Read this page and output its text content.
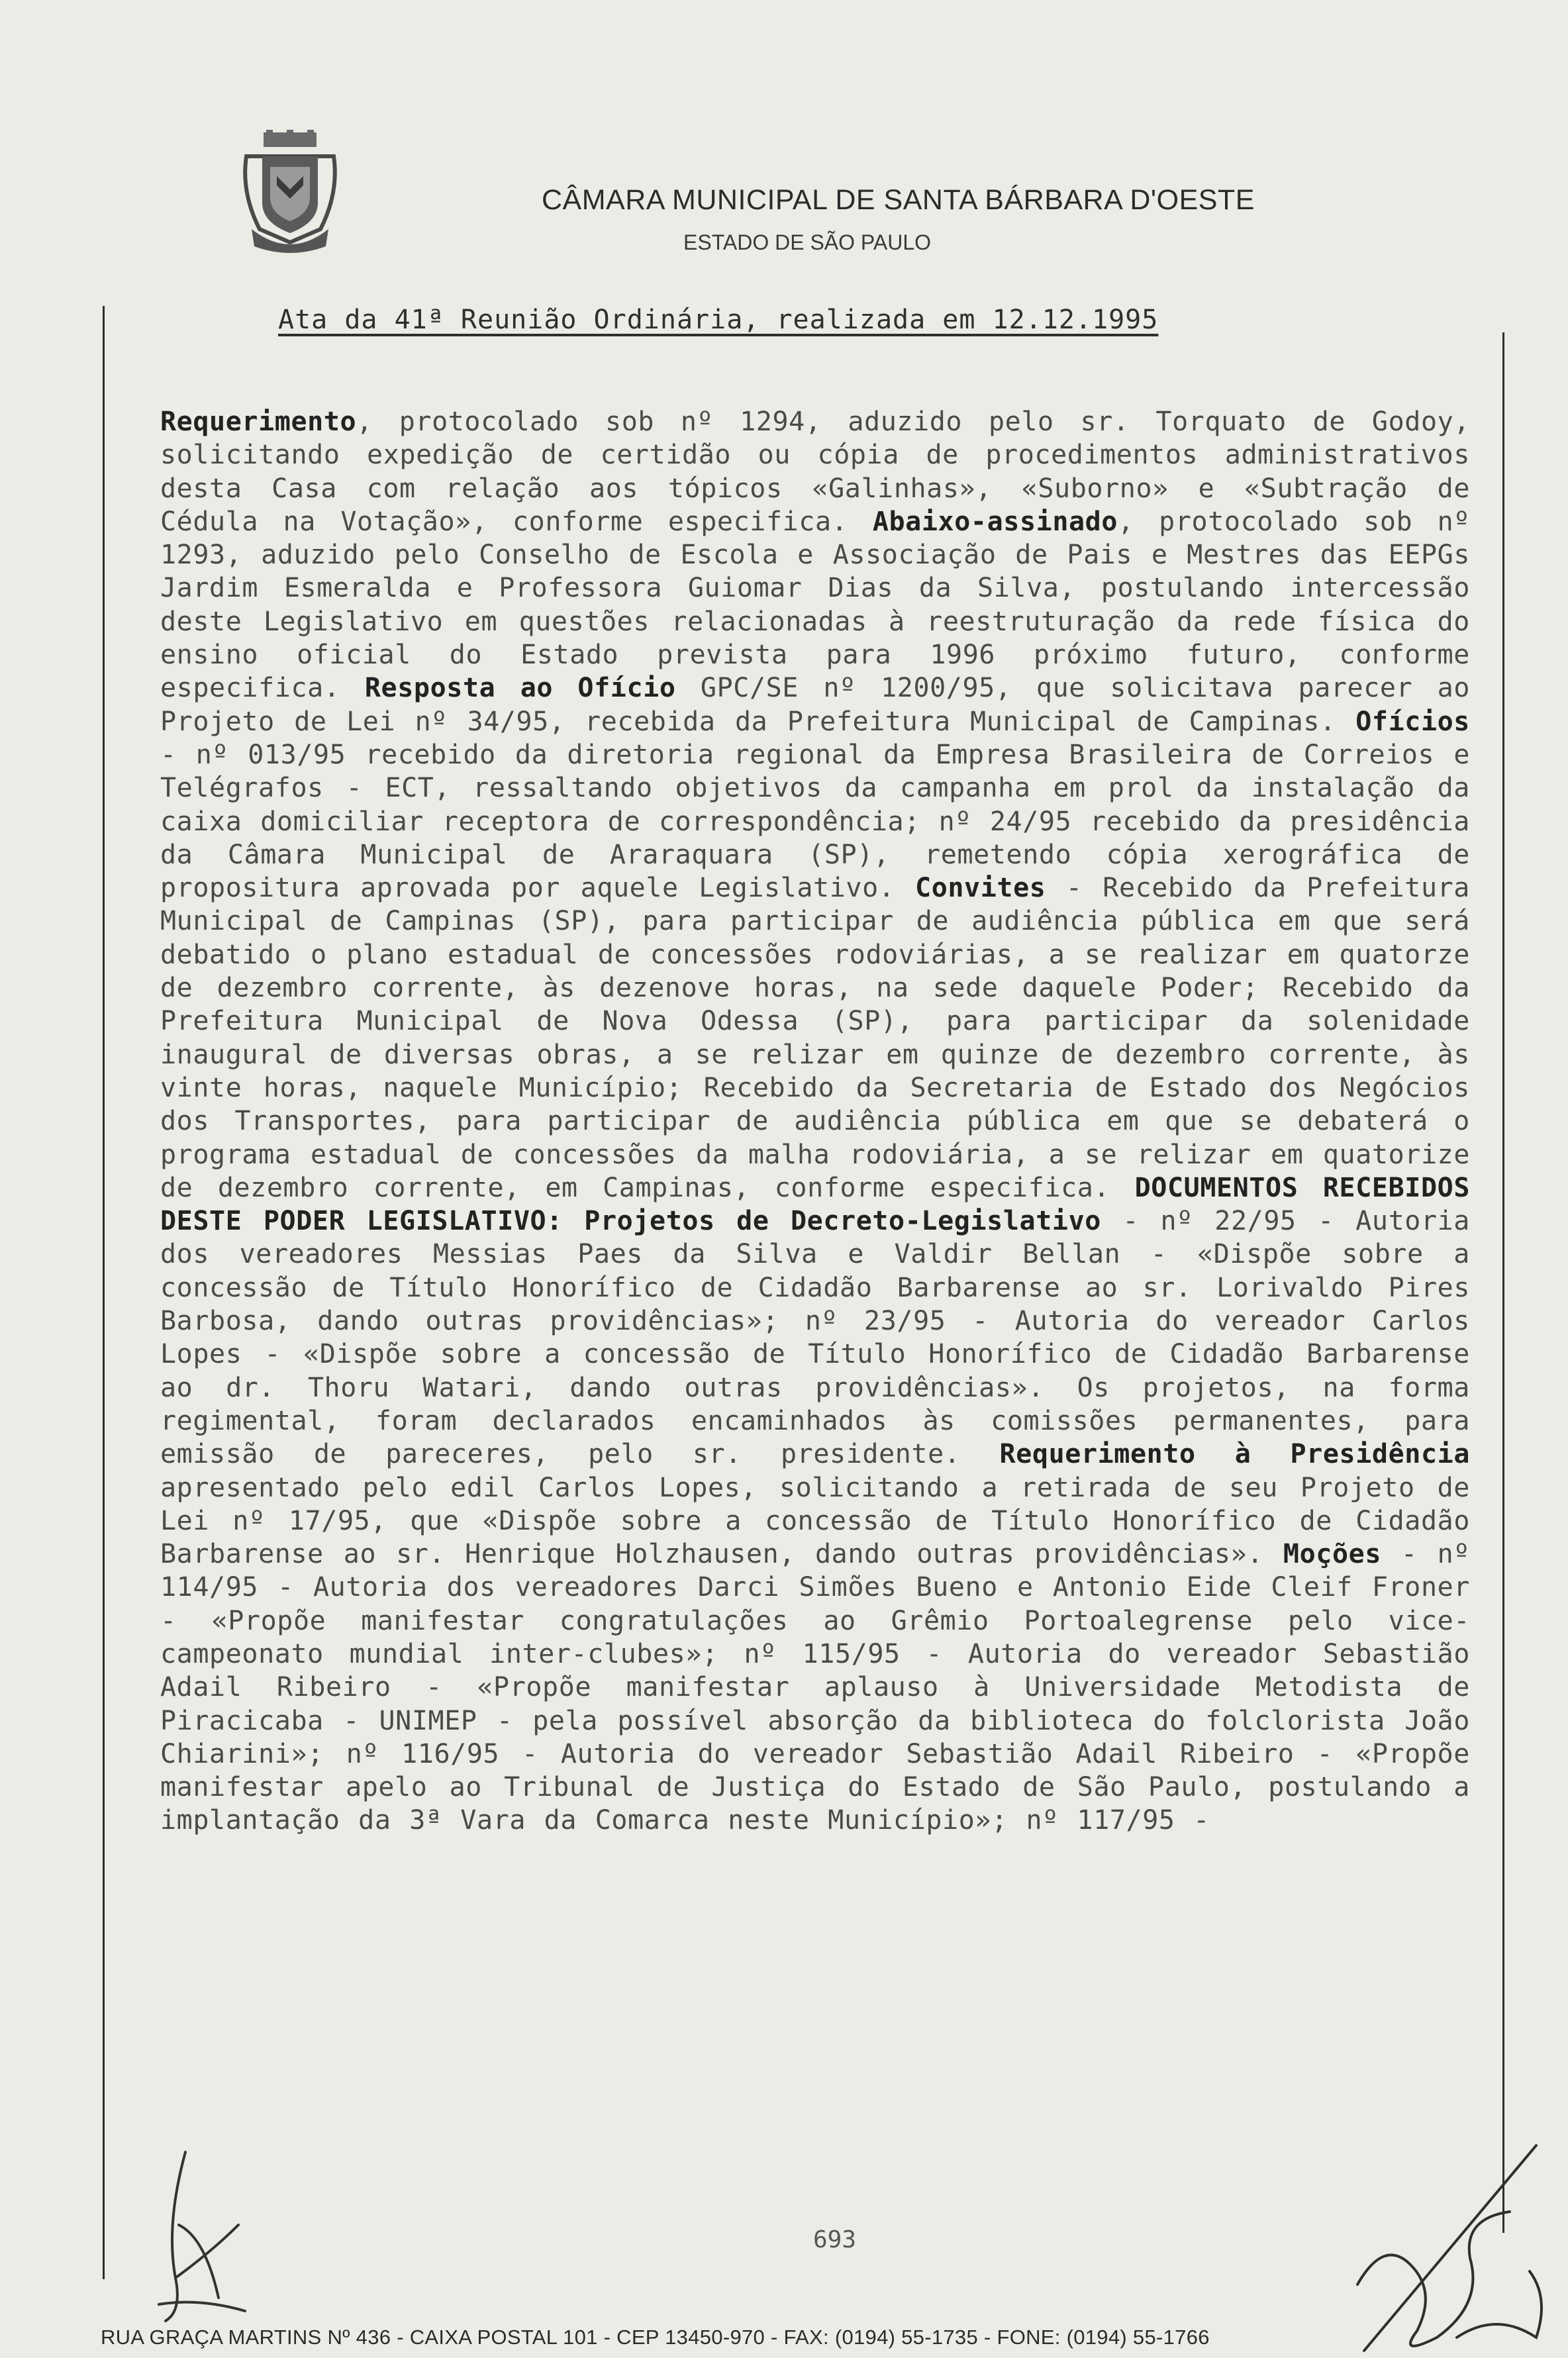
CÂMARA MUNICIPAL DE SANTA BÁRBARA D'OESTE

ESTADO DE SÃO PAULO

Ata da 41ª Reunião Ordinária, realizada em 12.12.1995

Requerimento, protocolado sob nº 1294, aduzido pelo sr. Torquato de Godoy, solicitando expedição de certidão ou cópia de procedimentos administrativos desta Casa com relação aos tópicos «Galinhas», «Suborno» e «Subtração de Cédula na Votação», conforme especifica. Abaixo-assinado, protocolado sob nº 1293, aduzido pelo Conselho de Escola e Associação de Pais e Mestres das EEPGs Jardim Esmeralda e Professora Guiomar Dias da Silva, postulando intercessão deste Legislativo em questões relacionadas à reestruturação da rede física do ensino oficial do Estado prevista para 1996 próximo futuro, conforme especifica. Resposta ao Ofício GPC/SE nº 1200/95, que solicitava parecer ao Projeto de Lei nº 34/95, recebida da Prefeitura Municipal de Campinas. Ofícios - nº 013/95 recebido da diretoria regional da Empresa Brasileira de Correios e Telégrafos - ECT, ressaltando objetivos da campanha em prol da instalação da caixa domiciliar receptora de correspondência; nº 24/95 recebido da presidência da Câmara Municipal de Araraquara (SP), remetendo cópia xerográfica de propositura aprovada por aquele Legislativo. Convites - Recebido da Prefeitura Municipal de Campinas (SP), para participar de audiência pública em que será debatido o plano estadual de concessões rodoviárias, a se realizar em quatorze de dezembro corrente, às dezenove horas, na sede daquele Poder; Recebido da Prefeitura Municipal de Nova Odessa (SP), para participar da solenidade inaugural de diversas obras, a se relizar em quinze de dezembro corrente, às vinte horas, naquele Município; Recebido da Secretaria de Estado dos Negócios dos Transportes, para participar de audiência pública em que se debaterá o programa estadual de concessões da malha rodoviária, a se relizar em quatorize de dezembro corrente, em Campinas, conforme especifica. DOCUMENTOS RECEBIDOS DESTE PODER LEGISLATIVO: Projetos de Decreto-Legislativo - nº 22/95 - Autoria dos vereadores Messias Paes da Silva e Valdir Bellan - «Dispõe sobre a concessão de Título Honorífico de Cidadão Barbarense ao sr. Lorivaldo Pires Barbosa, dando outras providências»; nº 23/95 - Autoria do vereador Carlos Lopes - «Dispõe sobre a concessão de Título Honorífico de Cidadão Barbarense ao dr. Thoru Watari, dando outras providências». Os projetos, na forma regimental, foram declarados encaminhados às comissões permanentes, para emissão de pareceres, pelo sr. presidente. Requerimento à Presidência apresentado pelo edil Carlos Lopes, solicitando a retirada de seu Projeto de Lei nº 17/95, que «Dispõe sobre a concessão de Título Honorífico de Cidadão Barbarense ao sr. Henrique Holzhausen, dando outras providências». Moções - nº 114/95 - Autoria dos vereadores Darci Simões Bueno e Antonio Eide Cleif Froner - «Propõe manifestar congratulações ao Grêmio Portoalegrense pelo vice-campeonato mundial inter-clubes»; nº 115/95 - Autoria do vereador Sebastião Adail Ribeiro - «Propõe manifestar aplauso à Universidade Metodista de Piracicaba - UNIMEP - pela possível absorção da biblioteca do folclorista João Chiarini»; nº 116/95 - Autoria do vereador Sebastião Adail Ribeiro - «Propõe manifestar apelo ao Tribunal de Justiça do Estado de São Paulo, postulando a implantação da 3ª Vara da Comarca neste Município»; nº 117/95 -

693

RUA GRAÇA MARTINS Nº 436 - CAIXA POSTAL 101 - CEP 13450-970 - FAX: (0194) 55-1735 - FONE: (0194) 55-1766
